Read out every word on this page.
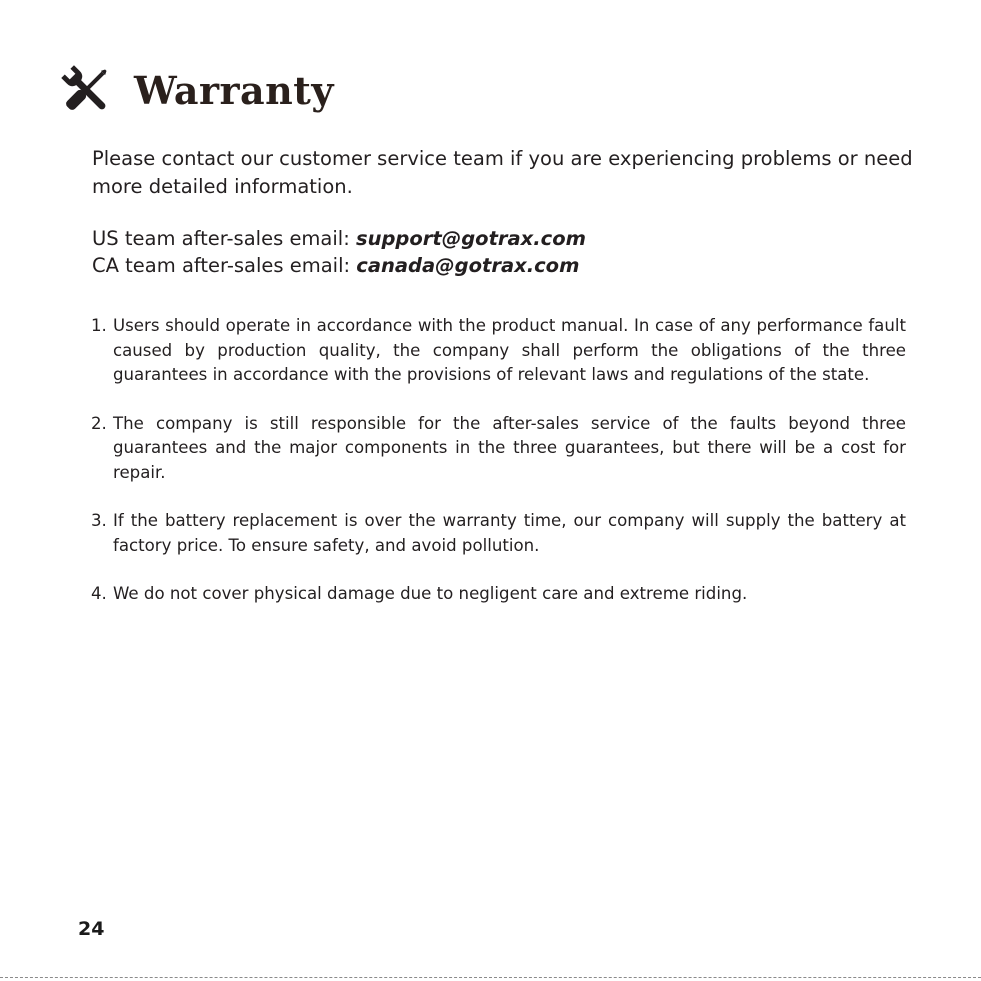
Warranty
Please contact our customer service team if you are experiencing problems or need more detailed information.
US team after-sales email: support@gotrax.com
CA team after-sales email: canada@gotrax.com
1. Users should operate in accordance with the product manual. In case of any performance fault caused by production quality, the company shall perform the obligations of the three guarantees in accordance with the provisions of relevant laws and regulations of the state.
2. The company is still responsible for the after-sales service of the faults beyond three guarantees and the major components in the three guarantees, but there will be a cost for repair.
3. If the battery replacement is over the warranty time, our company will supply the battery at factory price. To ensure safety, and avoid pollution.
4. We do not cover physical damage due to negligent care and extreme riding.
24
